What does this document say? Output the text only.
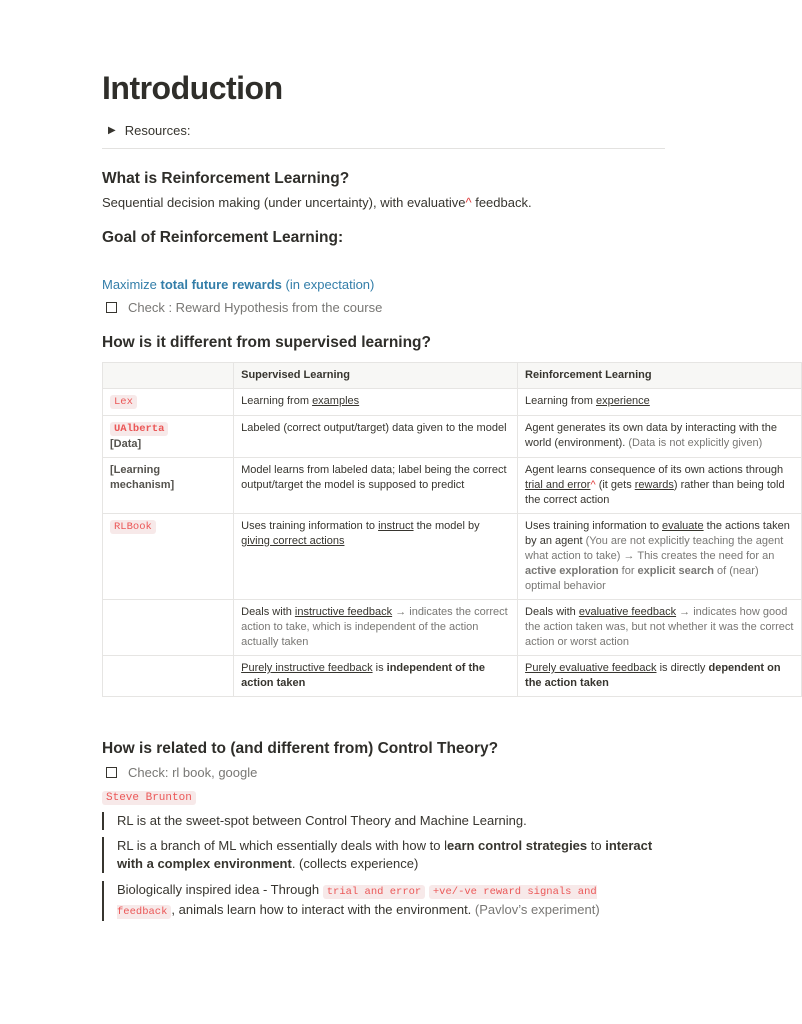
Introduction
▶ Resources:
What is Reinforcement Learning?
Sequential decision making (under uncertainty), with evaluative^ feedback.
Goal of Reinforcement Learning:
Maximize total future rewards (in expectation)
Check : Reward Hypothesis from the course
How is it different from supervised learning?
	Supervised Learning	Reinforcement Learning
Lex	Learning from examples	Learning from experience
UAlberta
[Data]	Labeled (correct output/target) data given to the model	Agent generates its own data by interacting with the world (environment). (Data is not explicitly given)
[Learning mechanism]	Model learns from labeled data; label being the correct output/target the model is supposed to predict	Agent learns consequence of its own actions through trial and error^ (it gets rewards) rather than being told the correct action
RLBook	Uses training information to instruct the model by giving correct actions	Uses training information to evaluate the actions taken by an agent (You are not explicitly teaching the agent what action to take) → This creates the need for an active exploration for explicit search of (near) optimal behavior
	Deals with instructive feedback → indicates the correct action to take, which is independent of the action actually taken	Deals with evaluative feedback → indicates how good the action taken was, but not whether it was the correct action or worst action
	Purely instructive feedback is independent of the action taken	Purely evaluative feedback is directly dependent on the action taken
How is related to (and different from) Control Theory?
Check: rl book, google
Steve Brunton
RL is at the sweet-spot between Control Theory and Machine Learning.
RL is a branch of ML which essentially deals with how to learn control strategies to interact with a complex environment. (collects experience)
Biologically inspired idea - Through trial and error +ve/-ve reward signals and feedback , animals learn how to interact with the environment. (Pavlov’s experiment)
